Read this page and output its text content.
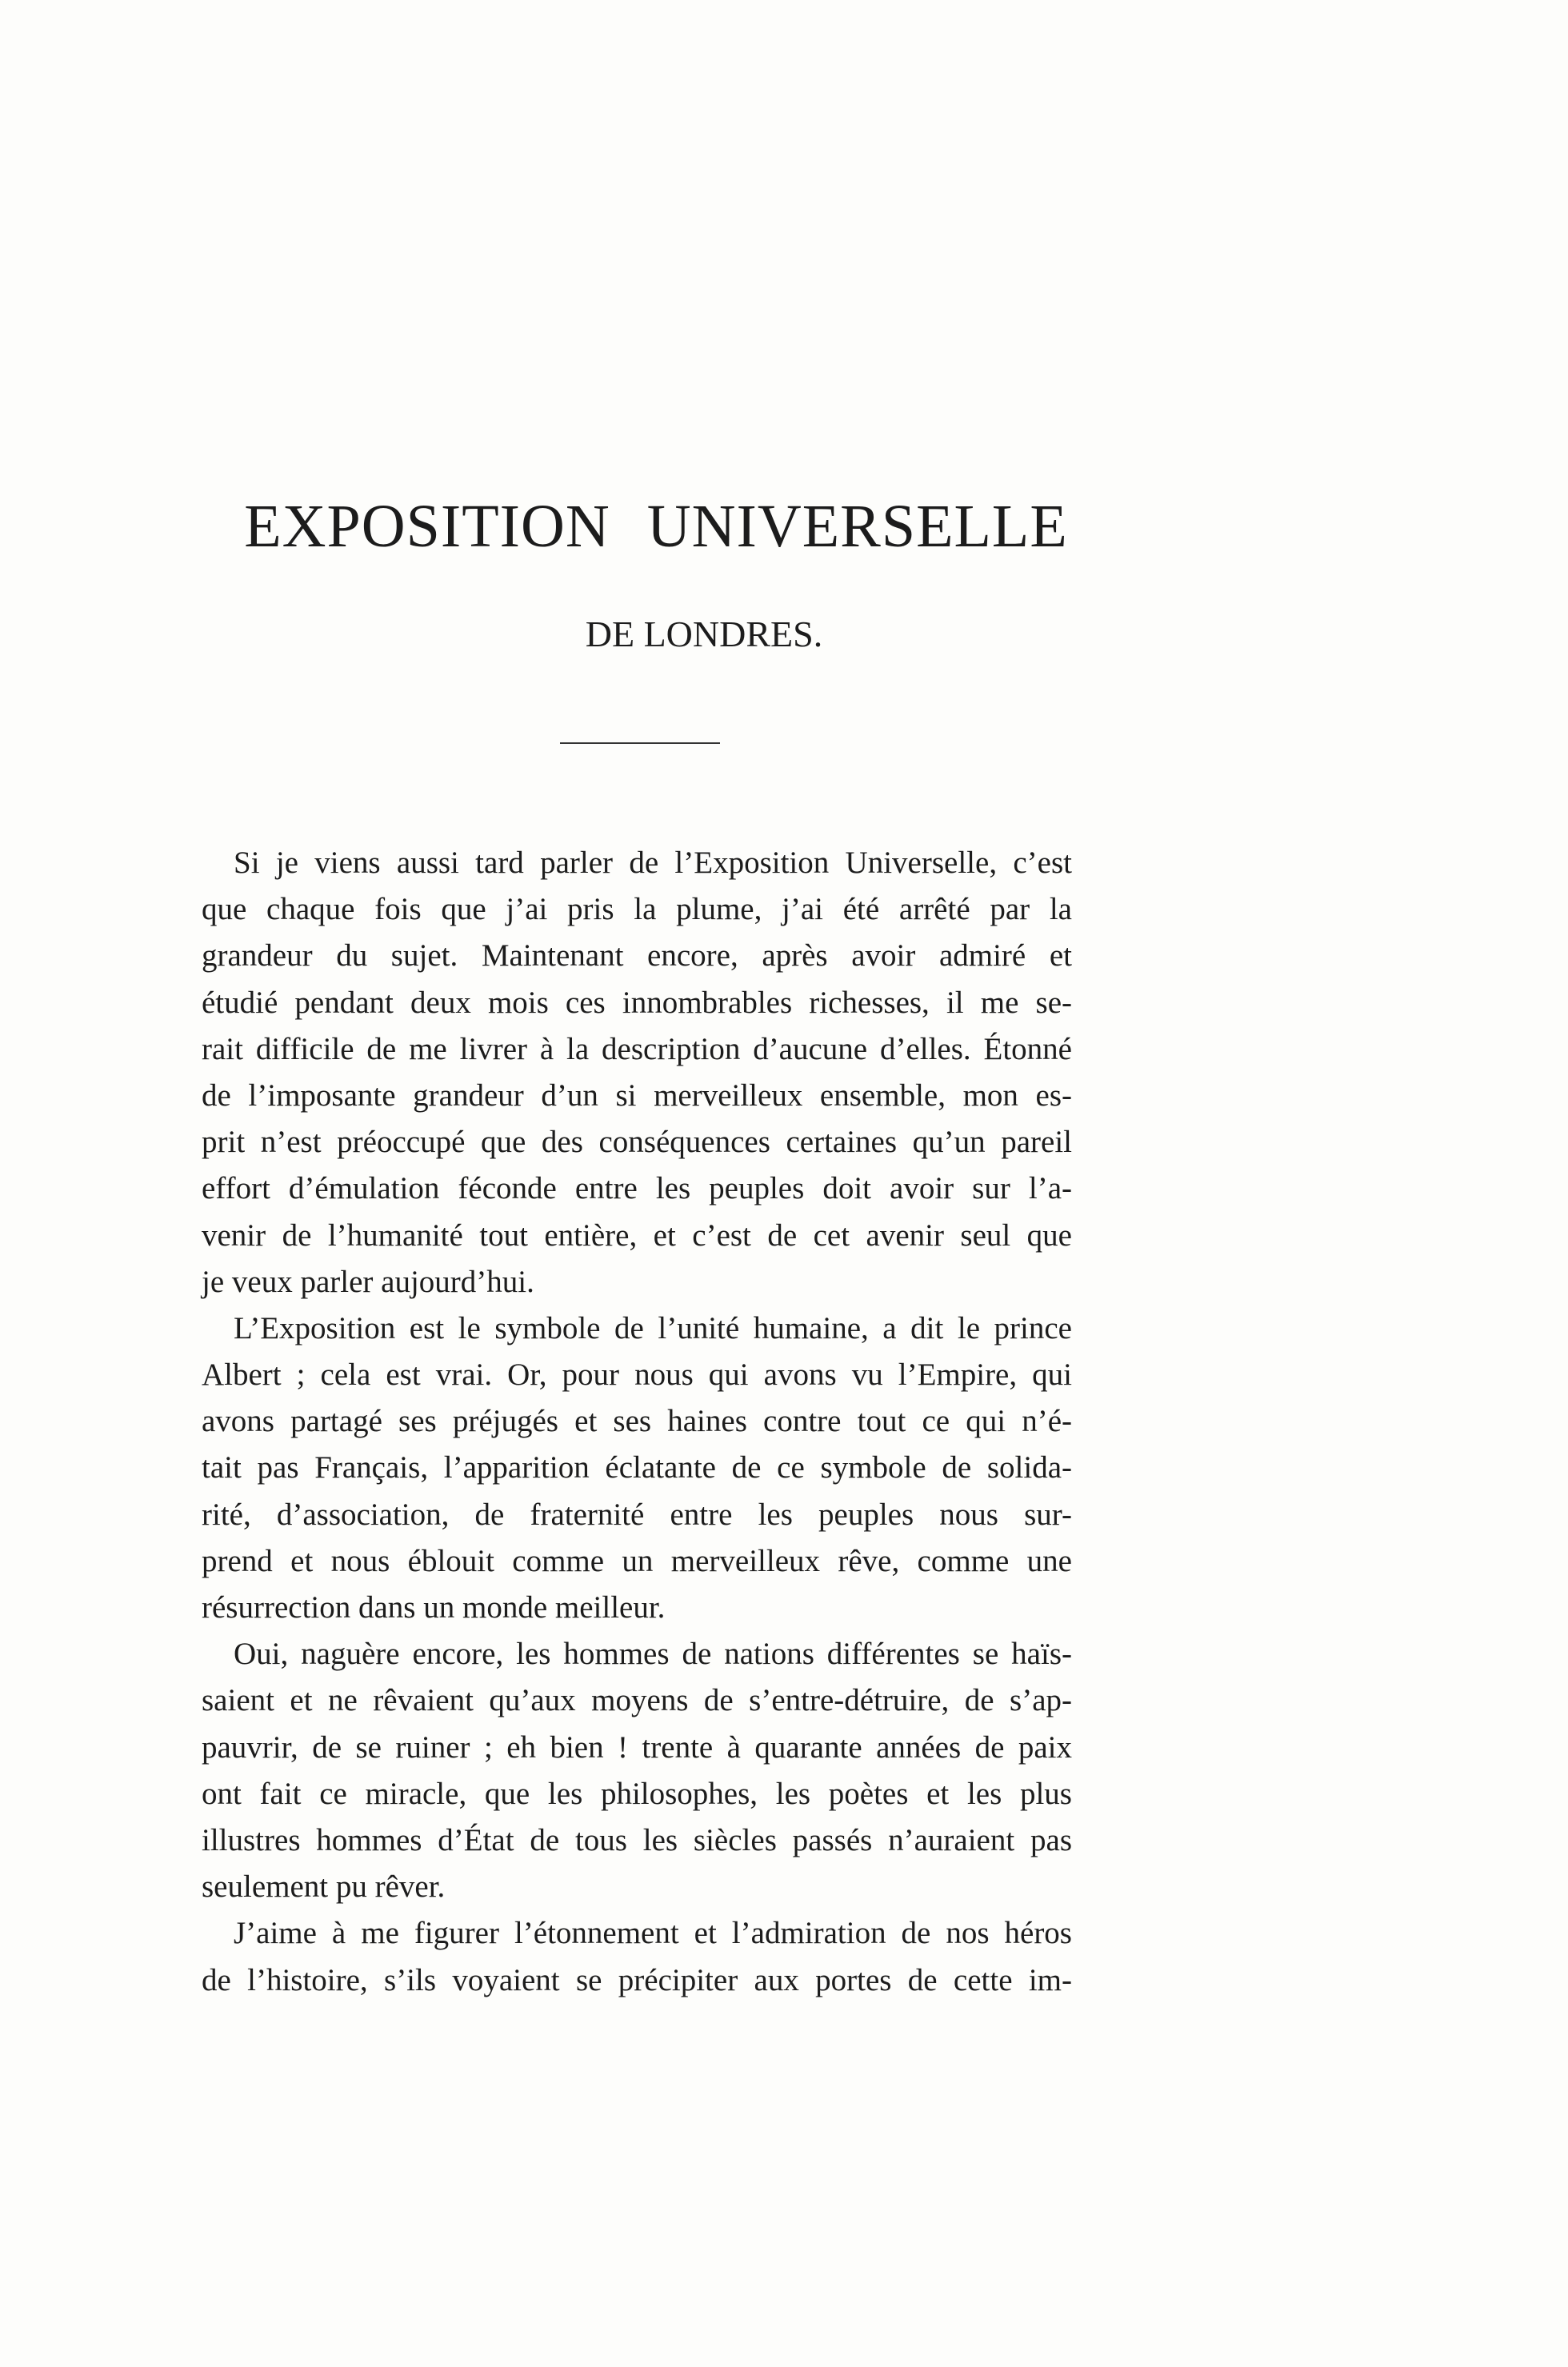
EXPOSITION UNIVERSELLE
DE LONDRES.

Si je viens aussi tard parler de l’Exposition Universelle, c’est
que chaque fois que j’ai pris la plume, j’ai été arrêté par la
grandeur du sujet. Maintenant encore, après avoir admiré et
étudié pendant deux mois ces innombrables richesses, il me se-
rait difficile de me livrer à la description d’aucune d’elles. Étonné
de l’imposante grandeur d’un si merveilleux ensemble, mon es-
prit n’est préoccupé que des conséquences certaines qu’un pareil
effort d’émulation féconde entre les peuples doit avoir sur l’a-
venir de l’humanité tout entière, et c’est de cet avenir seul que
je veux parler aujourd’hui.

L’Exposition est le symbole de l’unité humaine, a dit le prince
Albert ; cela est vrai. Or, pour nous qui avons vu l’Empire, qui
avons partagé ses préjugés et ses haines contre tout ce qui n’é-
tait pas Français, l’apparition éclatante de ce symbole de solida-
rité, d’association, de fraternité entre les peuples nous sur-
prend et nous éblouit comme un merveilleux rêve, comme une
résurrection dans un monde meilleur.

Oui, naguère encore, les hommes de nations différentes se haïs-
saient et ne rêvaient qu’aux moyens de s’entre-détruire, de s’ap-
pauvrir, de se ruiner ; eh bien ! trente à quarante années de paix
ont fait ce miracle, que les philosophes, les poètes et les plus
illustres hommes d’État de tous les siècles passés n’auraient pas
seulement pu rêver.

J’aime à me figurer l’étonnement et l’admiration de nos héros
de l’histoire, s’ils voyaient se précipiter aux portes de cette im-
